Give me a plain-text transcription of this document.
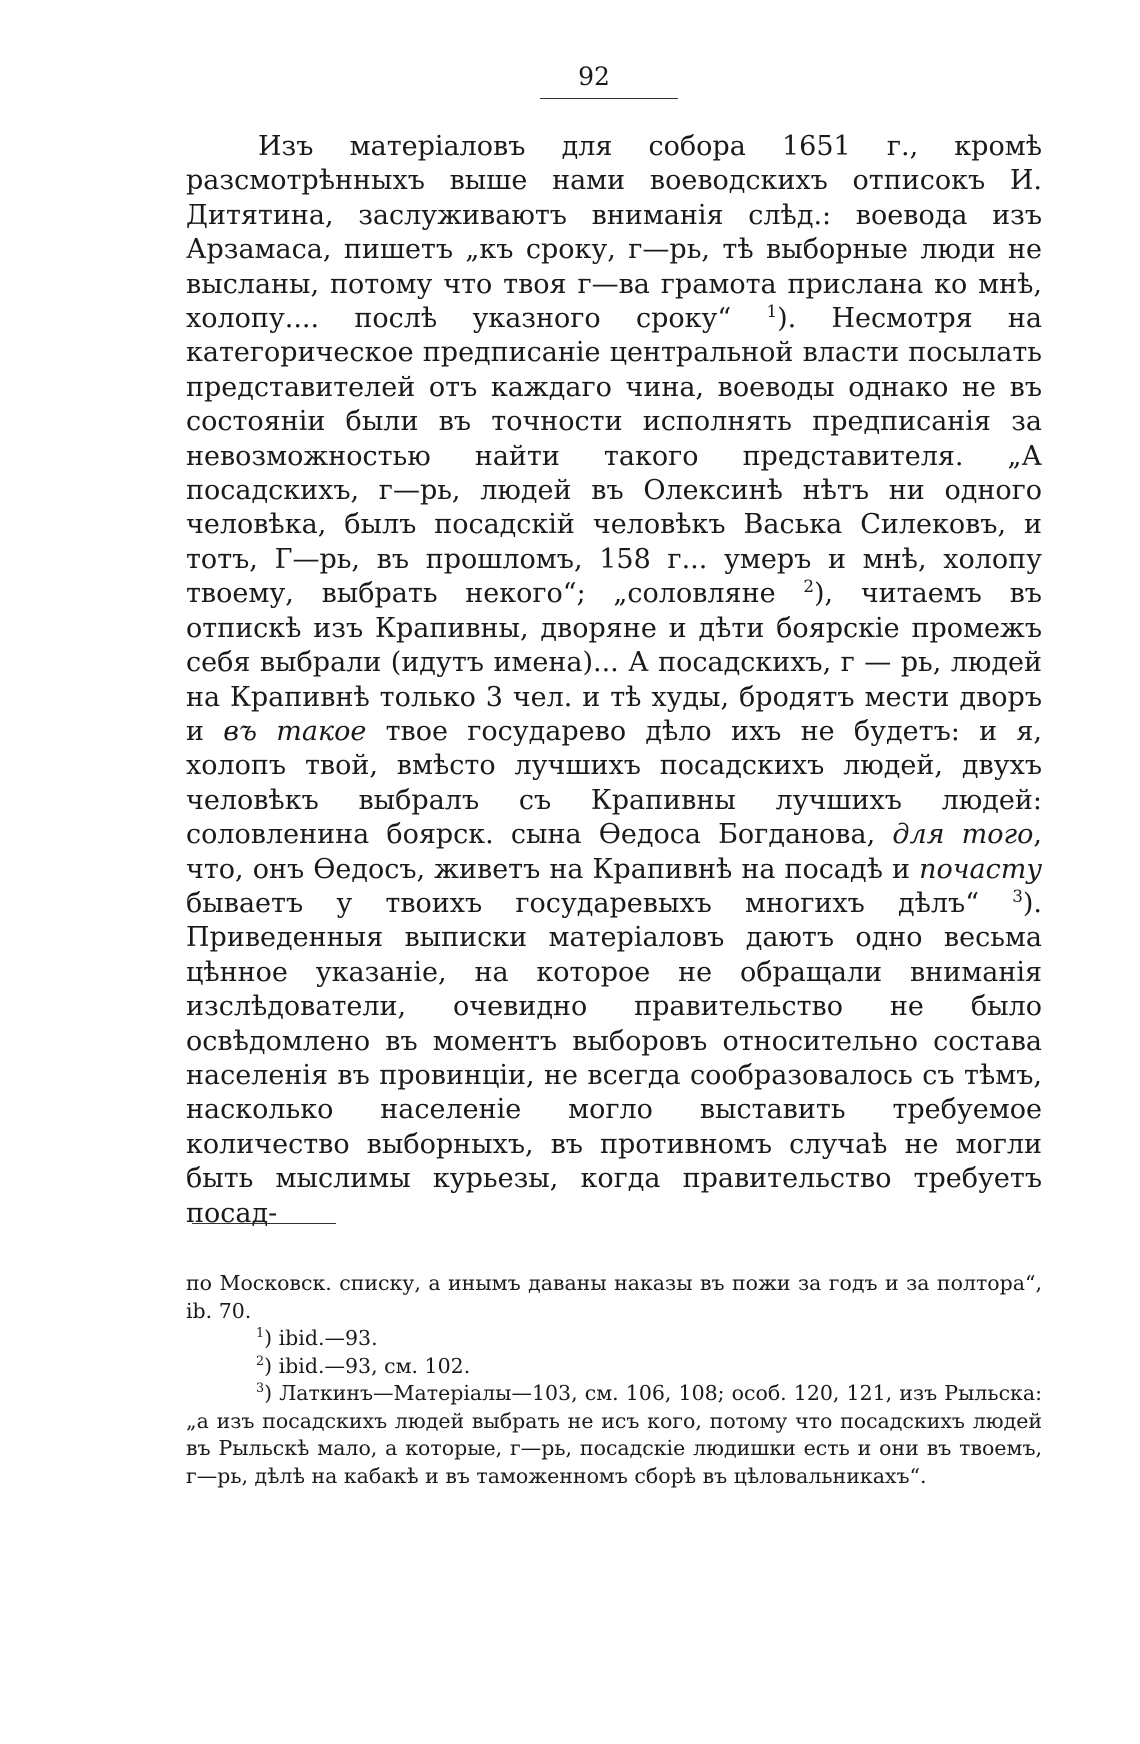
92

Изъ матеріаловъ для собора 1651 г., кромѣ разсмотрѣнныхъ выше нами воеводскихъ отписокъ И. Дитятина, заслуживаютъ вниманія слѣд.: воевода изъ Арзамаса, пишетъ „къ сроку, г—рь, тѣ выборные люди не высланы, потому что твоя г—ва грамота прислана ко мнѣ, холопу.... послѣ указного сроку“ $^1$). Несмотря на категорическое предписаніе центральной власти посылать представителей отъ каждаго чина, воеводы однако не въ состояніи были въ точности исполнять предписанія за невозможностью найти такого представителя. „А посадскихъ, г—рь, людей въ Олексинѣ нѣтъ ни одного человѣка, былъ посадскій человѣкъ Васька Силековъ, и тотъ, Г—рь, въ прошломъ, 158 г... умеръ и мнѣ, холопу твоему, выбрать некого“; „соловляне $^2$), читаемъ въ отпискѣ изъ Крапивны, дворяне и дѣти боярскіе промежъ себя выбрали (идутъ имена)... А посадскихъ, г — рь, людей на Крапивнѣ только 3 чел. и тѣ худы, бродятъ мести дворъ и въ такое твое государево дѣло ихъ не будетъ: и я, холопъ твой, вмѣсто лучшихъ посадскихъ людей, двухъ человѣкъ выбралъ съ Крапивны лучшихъ людей: соловленина боярск. сына Өедоса Богданова, для того, что, онъ Өедосъ, живетъ на Крапивнѣ на посадѣ и почасту бываетъ у твоихъ государевыхъ многихъ дѣлъ“ $^3$). Приведенныя выписки матеріаловъ даютъ одно весьма цѣнное указаніе, на которое не обращали вниманія изслѣдователи, очевидно правительство не было освѣдомлено въ моментъ выборовъ относительно состава населенія въ провинціи, не всегда сообразовалось съ тѣмъ, насколько населеніе могло выставить требуемое количество выборныхъ, въ противномъ случаѣ не могли быть мыслимы курьезы, когда правительство требуетъ посад-

по Московск. списку, а инымъ даваны наказы въ пожи за годъ и за полтора“, ib. 70.

$^1$) ibid.—93.

$^2$) ibid.—93, см. 102.

$^3$) Латкинъ—Матеріалы—103, см. 106, 108; особ. 120, 121, изъ Рыльска: „а изъ посадскихъ людей выбрать не исъ кого, потому что посадскихъ людей въ Рыльскѣ мало, а которые, г—рь, посадскіе людишки есть и они въ твоемъ, г—рь, дѣлѣ на кабакѣ и въ таможенномъ сборѣ въ цѣловальникахъ“.
